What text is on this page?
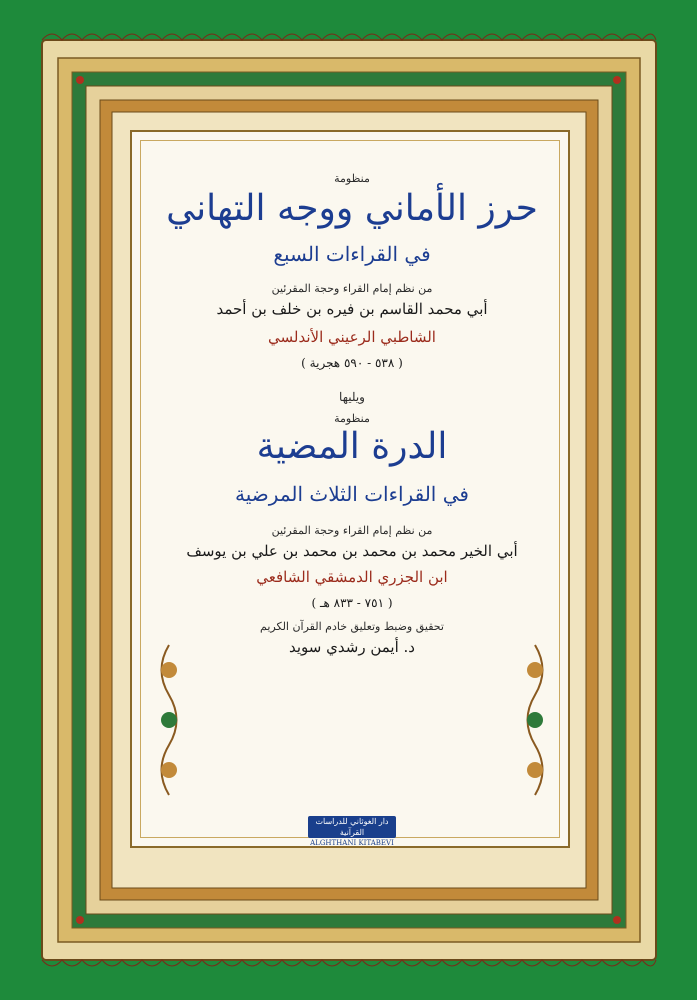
منظومة
حرز الأماني ووجه التهاني
في القراءات السبع
من نظم إمام القراء وحجة المقرئين
أبي محمد القاسم بن فيره بن خلف بن أحمد
الشاطبي الرعيني الأندلسي
( ٥٣٨ - ٥٩٠ هجرية )
ويليها
منظومة
الدرة المضية
في القراءات الثلاث المرضية
من نظم إمام القراء وحجة المقرئين
أبي الخير محمد بن محمد بن محمد بن علي بن يوسف
ابن الجزري الدمشقي الشافعي
( ٧٥١ - ٨٣٣ هـ )
تحقيق وضبط وتعليق خادم القرآن الكريم
د. أيمن رشدي سويد
دار الغوثاني للدراسات القرآنية
ALGHTHANI KITABEVI
